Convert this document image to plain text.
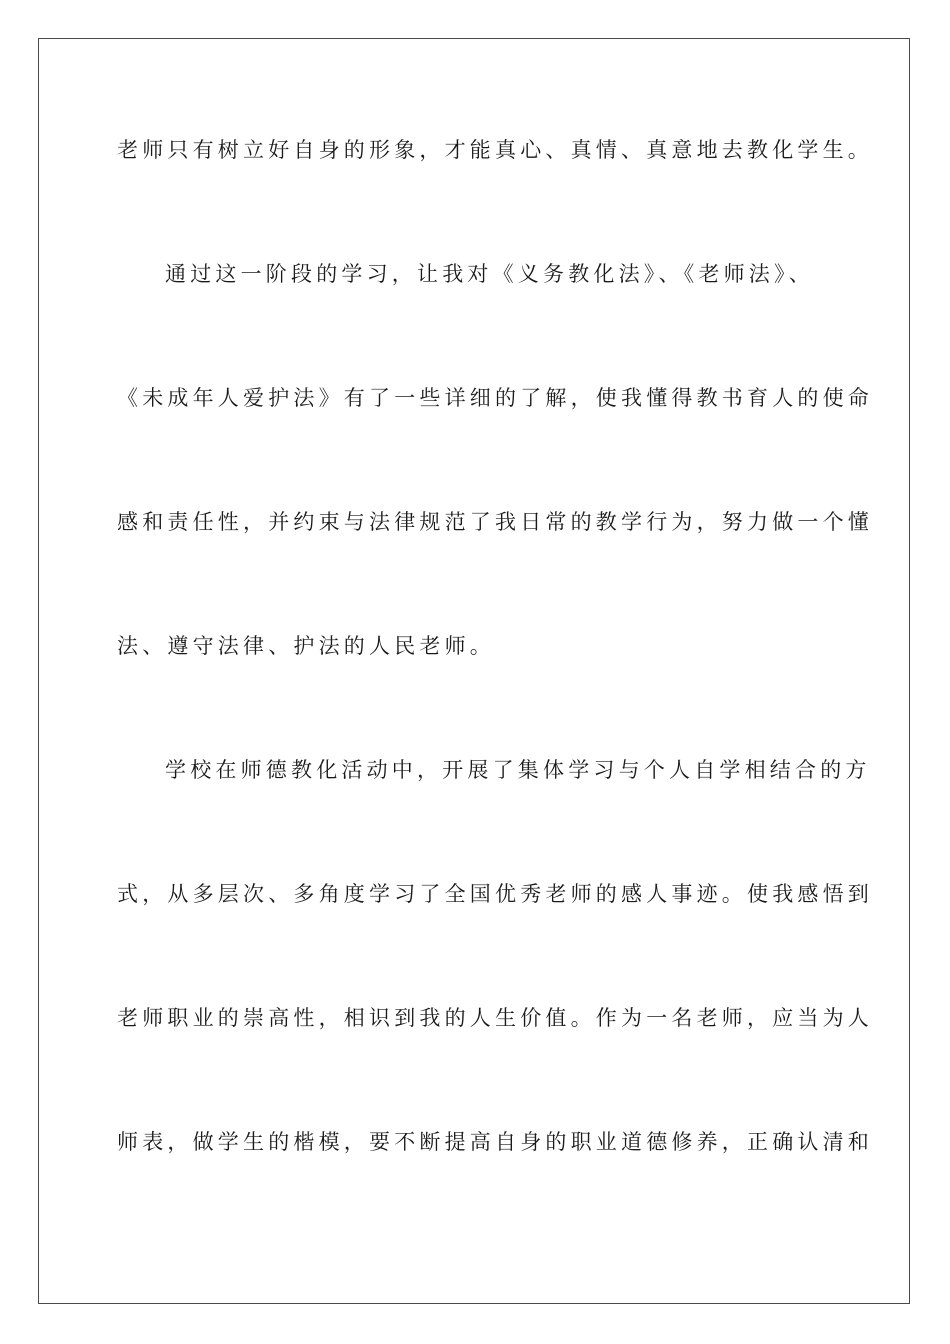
老师只有树立好自身的形象，才能真心、真情、真意地去教化学生。
通过这一阶段的学习，让我对《义务教化法》、《老师法》、
《未成年人爱护法》有了一些详细的了解，使我懂得教书育人的使命
感和责任性，并约束与法律规范了我日常的教学行为，努力做一个懂
法、遵守法律、护法的人民老师。
学校在师德教化活动中，开展了集体学习与个人自学相结合的方
式，从多层次、多角度学习了全国优秀老师的感人事迹。使我感悟到
老师职业的崇高性，相识到我的人生价值。作为一名老师，应当为人
师表，做学生的楷模，要不断提高自身的职业道德修养，正确认清和
